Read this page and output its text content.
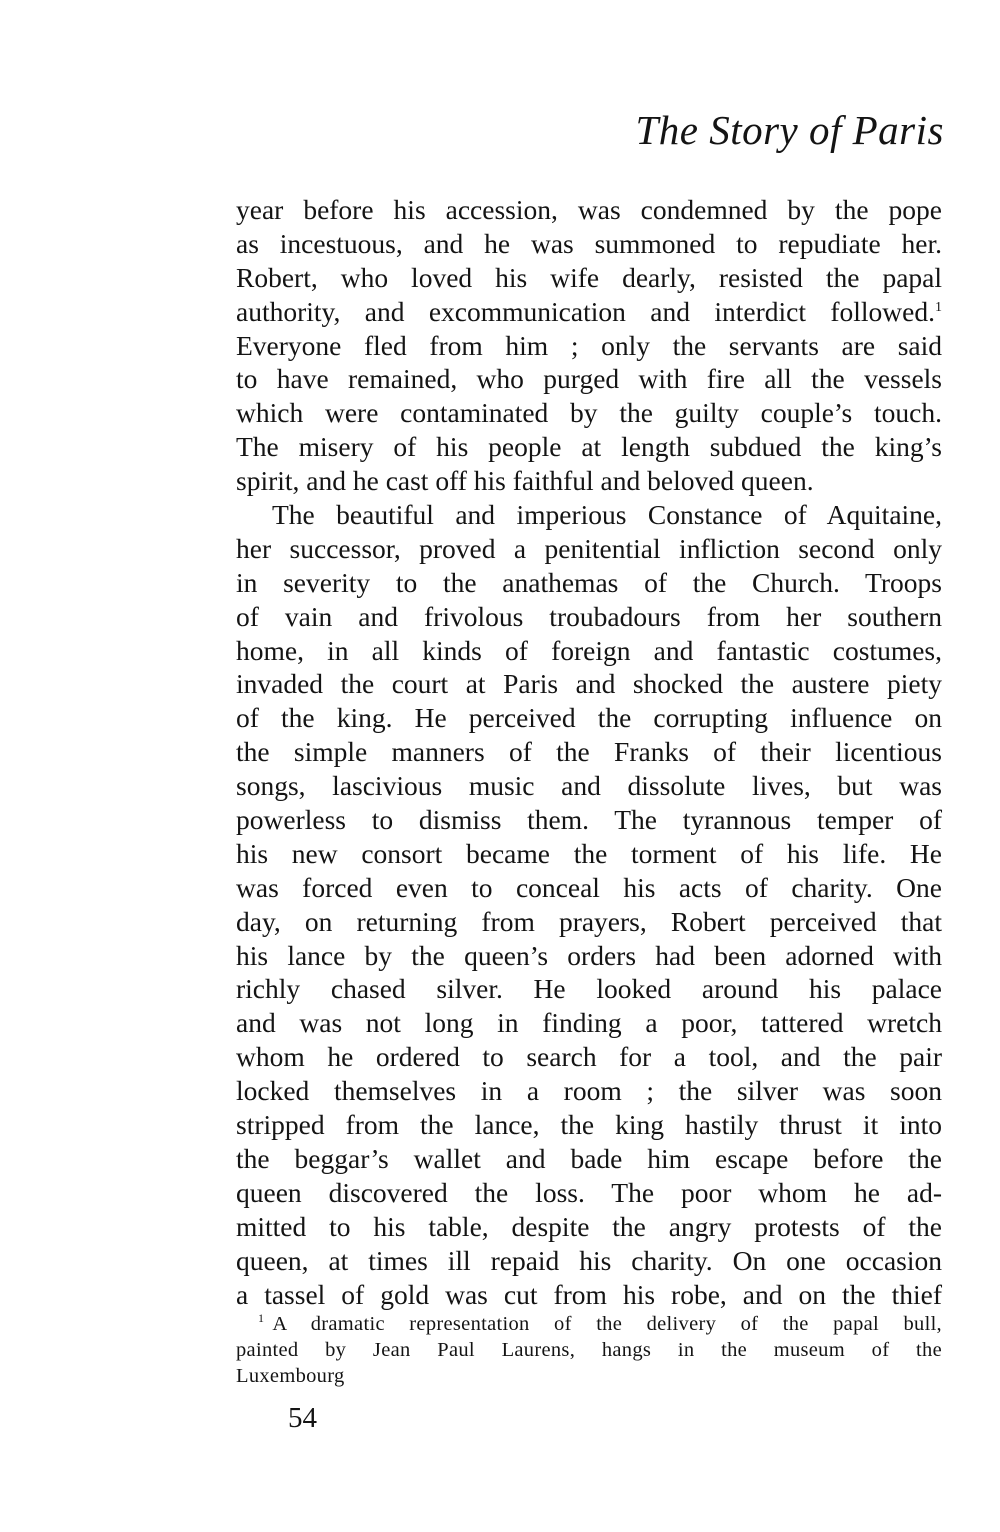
The Story of Paris
year before his accession, was condemned by the pope
as incestuous, and he was summoned to repudiate her.
Robert, who loved his wife dearly, resisted the papal
authority, and excommunication and interdict followed.$^1$
Everyone fled from him ; only the servants are said
to have remained, who purged with fire all the vessels
which were contaminated by the guilty couple’s touch.
The misery of his people at length subdued the king’s
spirit, and he cast off his faithful and beloved queen.
The beautiful and imperious Constance of Aquitaine,
her successor, proved a penitential infliction second only
in severity to the anathemas of the Church. Troops
of vain and frivolous troubadours from her southern
home, in all kinds of foreign and fantastic costumes,
invaded the court at Paris and shocked the austere piety
of the king. He perceived the corrupting influence on
the simple manners of the Franks of their licentious
songs, lascivious music and dissolute lives, but was
powerless to dismiss them. The tyrannous temper of
his new consort became the torment of his life. He
was forced even to conceal his acts of charity. One
day, on returning from prayers, Robert perceived that
his lance by the queen’s orders had been adorned with
richly chased silver. He looked around his palace
and was not long in finding a poor, tattered wretch
whom he ordered to search for a tool, and the pair
locked themselves in a room ; the silver was soon
stripped from the lance, the king hastily thrust it into
the beggar’s wallet and bade him escape before the
queen discovered the loss. The poor whom he ad-
mitted to his table, despite the angry protests of the
queen, at times ill repaid his charity. On one occasion
a tassel of gold was cut from his robe, and on the thief
$^1$ A dramatic representation of the delivery of the papal bull,
painted by Jean Paul Laurens, hangs in the museum of the
Luxembourg
54
